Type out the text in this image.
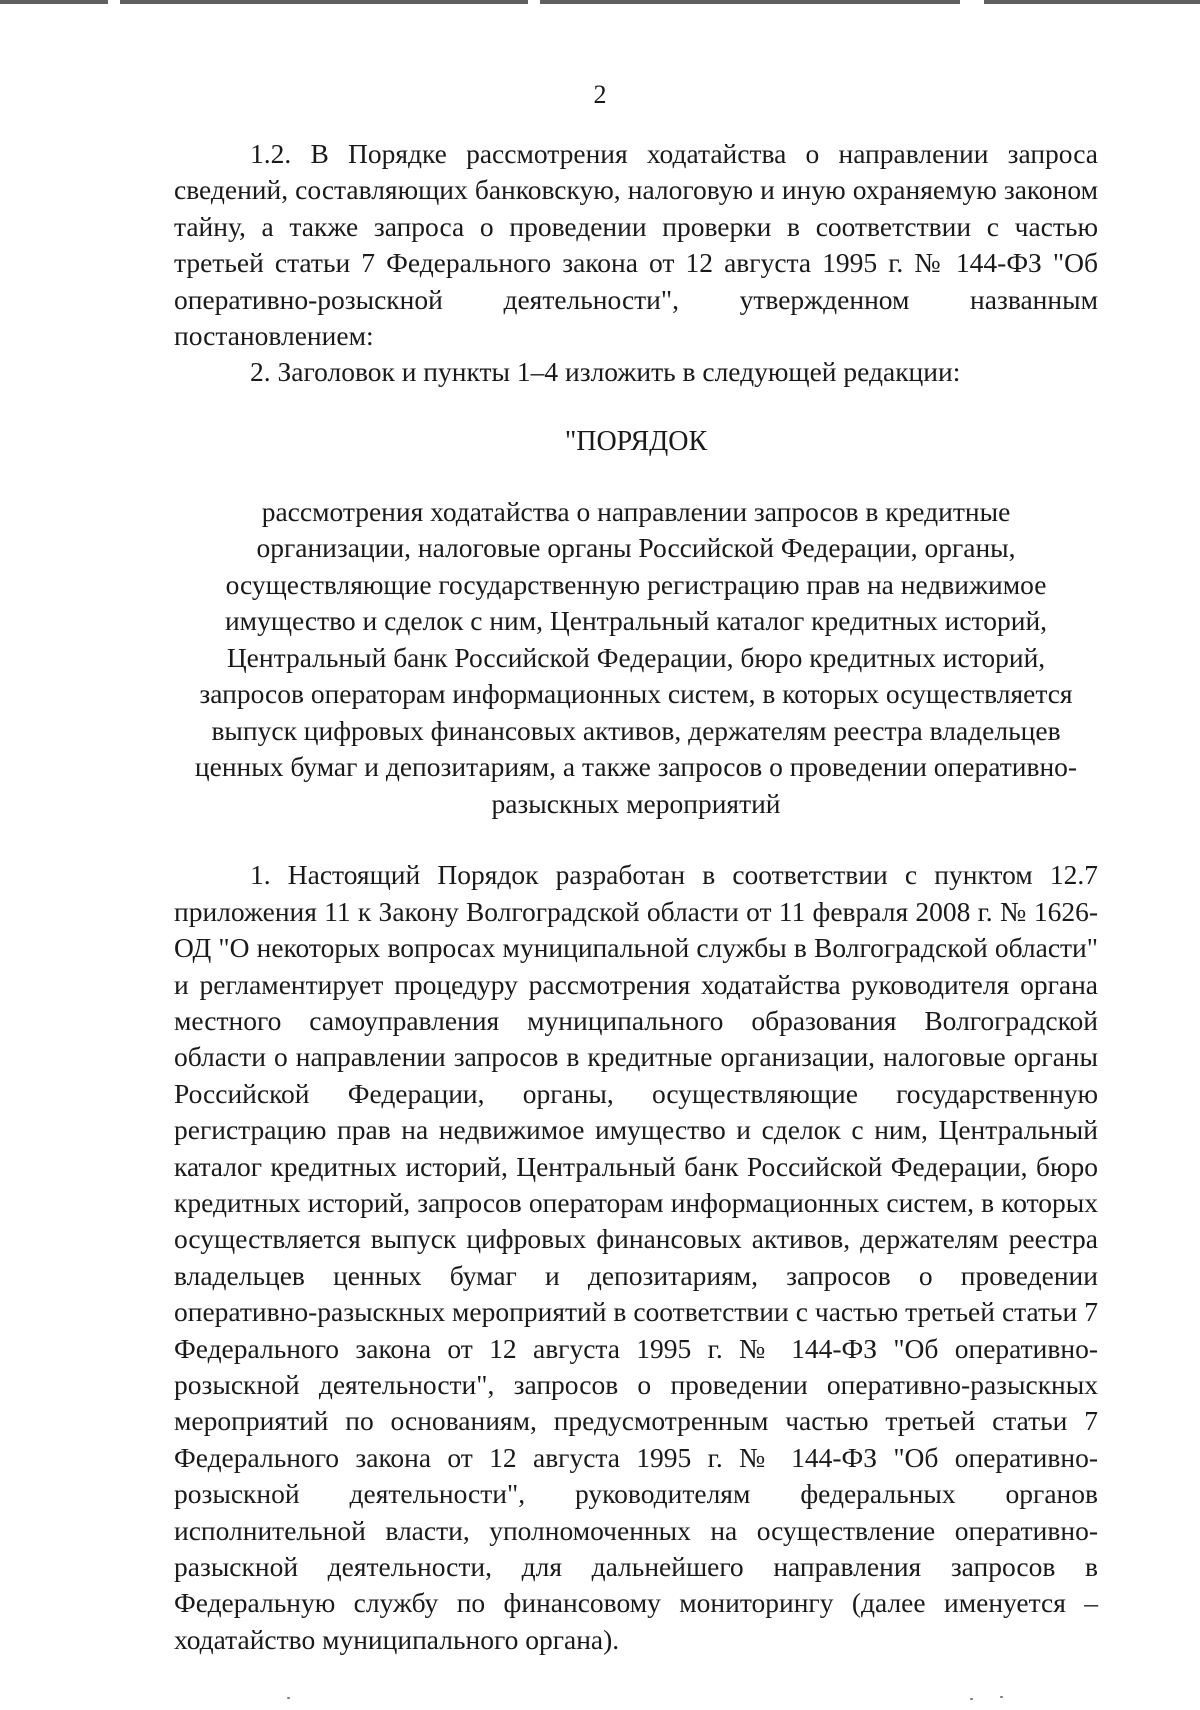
2

1.2. В Порядке рассмотрения ходатайства о направлении запроса сведений, составляющих банковскую, налоговую и иную охраняемую законом тайну, а также запроса о проведении проверки в соответствии с частью третьей статьи 7 Федерального закона от 12 августа 1995 г. № 144-ФЗ "Об оперативно-розыскной деятельности", утвержденном названным постановлением:

2. Заголовок и пункты 1–4 изложить в следующей редакции:

"ПОРЯДОК

рассмотрения ходатайства о направлении запросов в кредитные организации, налоговые органы Российской Федерации, органы, осуществляющие государственную регистрацию прав на недвижимое имущество и сделок с ним, Центральный каталог кредитных историй, Центральный банк Российской Федерации, бюро кредитных историй, запросов операторам информационных систем, в которых осуществляется выпуск цифровых финансовых активов, держателям реестра владельцев ценных бумаг и депозитариям, а также запросов о проведении оперативно-разыскных мероприятий

1. Настоящий Порядок разработан в соответствии с пунктом 12.7 приложения 11 к Закону Волгоградской области от 11 февраля 2008 г. № 1626-ОД "О некоторых вопросах муниципальной службы в Волгоградской области" и регламентирует процедуру рассмотрения ходатайства руководителя органа местного самоуправления муниципального образования Волгоградской области о направлении запросов в кредитные организации, налоговые органы Российской Федерации, органы, осуществляющие государственную регистрацию прав на недвижимое имущество и сделок с ним, Центральный каталог кредитных историй, Центральный банк Российской Федерации, бюро кредитных историй, запросов операторам информационных систем, в которых осуществляется выпуск цифровых финансовых активов, держателям реестра владельцев ценных бумаг и депозитариям, запросов о проведении оперативно-разыскных мероприятий в соответствии с частью третьей статьи 7 Федерального закона от 12 августа 1995 г. № 144-ФЗ "Об оперативно-розыскной деятельности", запросов о проведении оперативно-разыскных мероприятий по основаниям, предусмотренным частью третьей статьи 7 Федерального закона от 12 августа 1995 г. № 144-ФЗ "Об оперативно-розыскной деятельности", руководителям федеральных органов исполнительной власти, уполномоченных на осуществление оперативно-разыскной деятельности, для дальнейшего направления запросов в Федеральную службу по финансовому мониторингу (далее именуется – ходатайство муниципального органа).
